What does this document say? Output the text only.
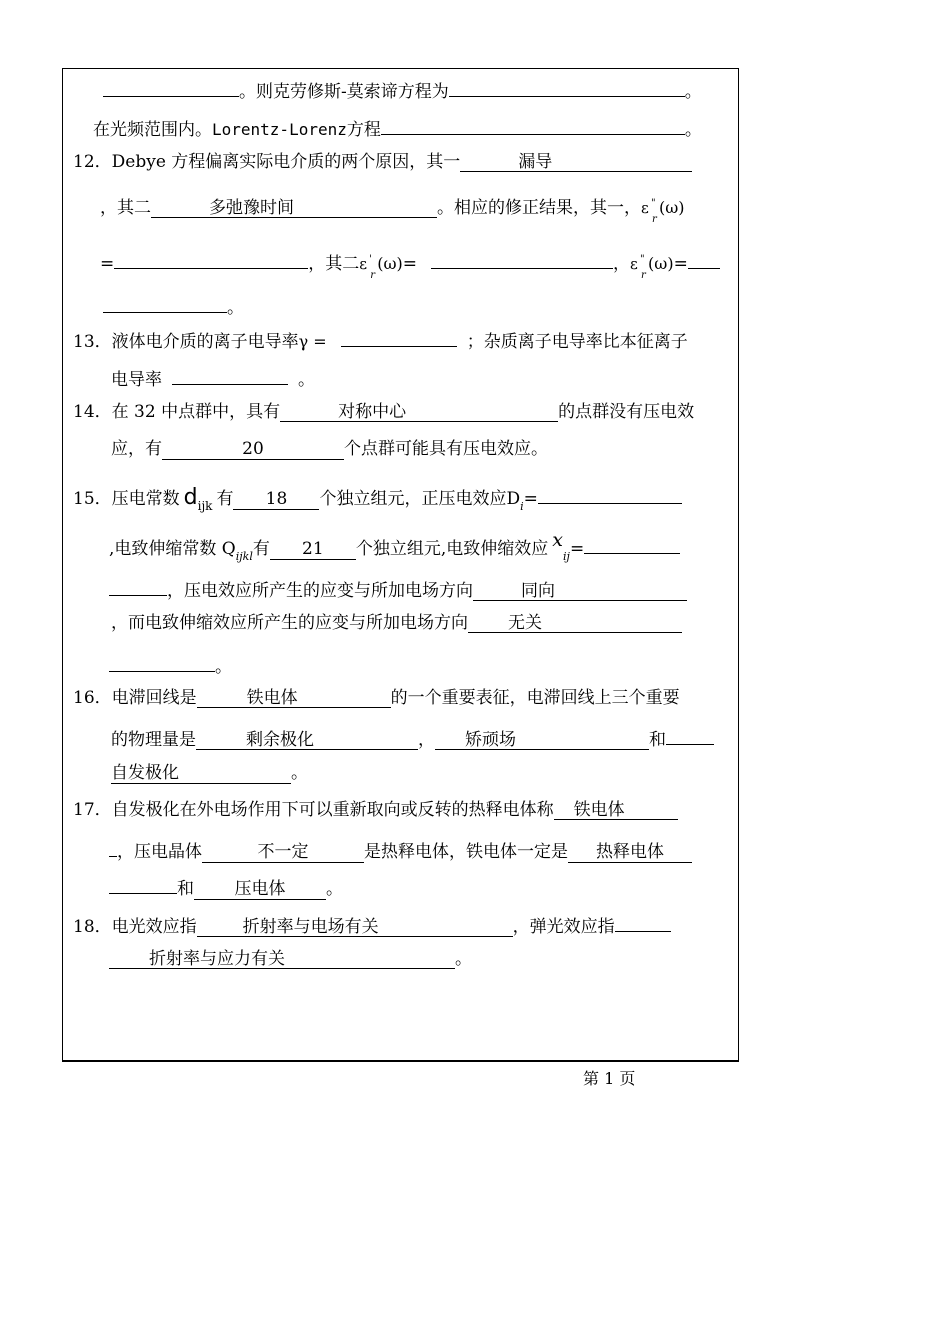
。则克劳修斯-莫索谛方程为	。
在光频范围内。 Lorentz-Lorenz 方程	。
12． Debye 方程偏离实际电介质的两个原因，其一	漏导
，其二	多弛豫时间	。相应的修正结果，其一， ε "
r
(ω)
=	，其二 ε '
r
(ω) =	， ε "
r
(ω) =
。
13． 液体电介质的离子电导率 γ =	；杂质离子电导率比本征离子
电导率	。
14． 在 32 中点群中，具有	对称中心	的点群没有压电效
应，有	20	个点群可能具有压电效应。
15． 压电常数 d ijk 有	18	个独立组元，正压电效应 D i =
,电致伸缩常数 Q ijkl 有	21	个独立组元,电致伸缩效应 x
ij =
，压电效应所产生的应变与所加电场方向	同向
，而电致伸缩效应所产生的应变与所加电场方向	无关
。
16． 电滞回线是	铁电体	的一个重要表征，电滞回线上三个重要
的物理量是	剩余极化	，	矫顽场	和
自发极化	。
17． 自发极化在外电场作用下可以重新取向或反转的热释电体称	铁电体
，压电晶体	不一定	是热释电体，铁电体一定是	热释电体
和	压电体	。
18． 电光效应指	折射率与电场有关	，弹光效应指
折射率与应力有关	。
第 1 页
